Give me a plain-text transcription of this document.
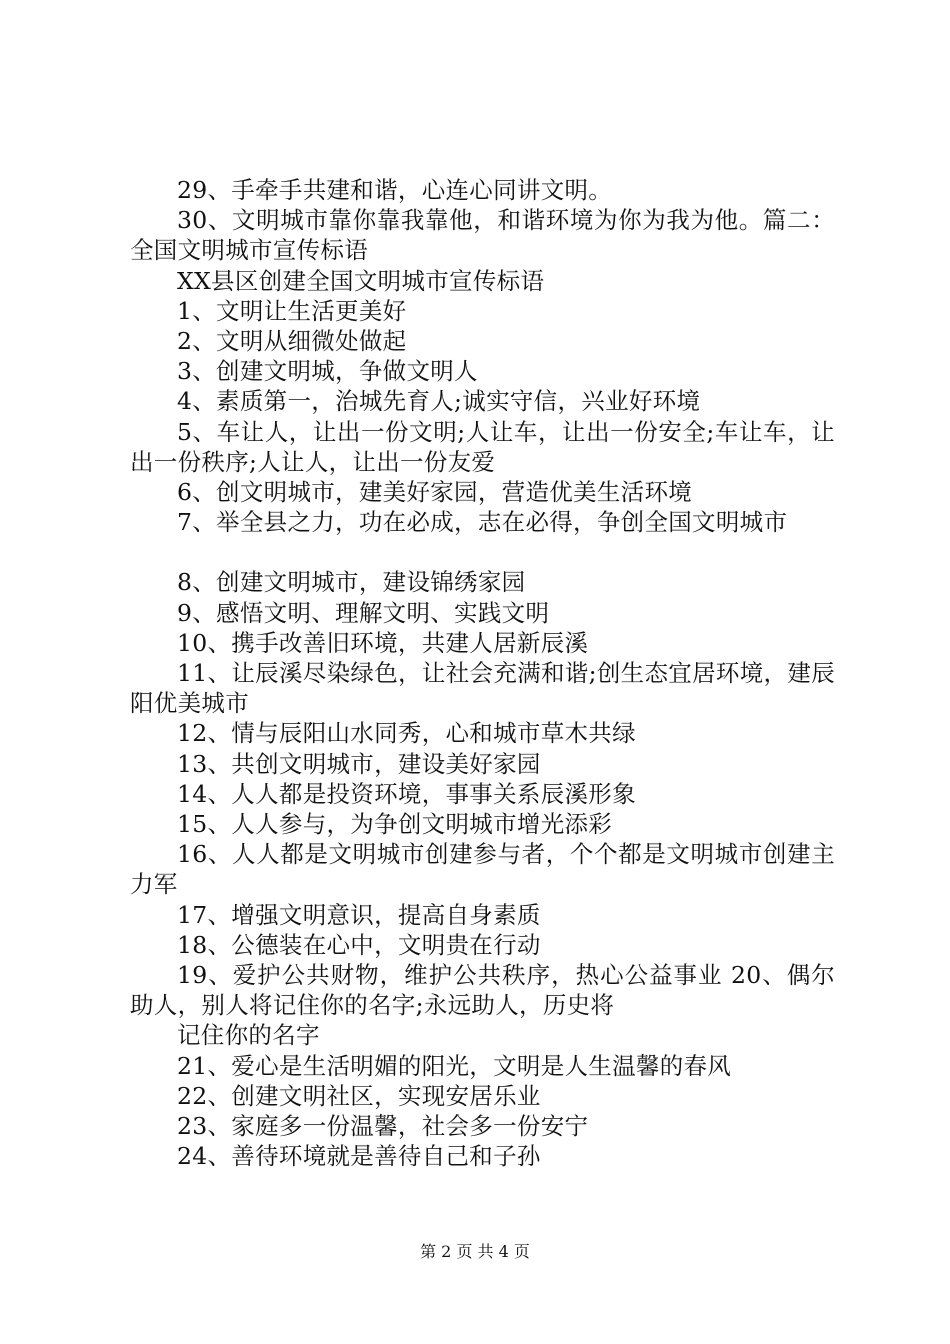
29、手牵手共建和谐，心连心同讲文明。

30、文明城市靠你靠我靠他，和谐环境为你为我为他。篇二：全国文明城市宣传标语

XX县区创建全国文明城市宣传标语

1、文明让生活更美好

2、文明从细微处做起

3、创建文明城，争做文明人

4、素质第一，治城先育人;诚实守信，兴业好环境

5、车让人，让出一份文明;人让车，让出一份安全;车让车，让出一份秩序;人让人，让出一份友爱

6、创文明城市，建美好家园，营造优美生活环境

7、举全县之力，功在必成，志在必得，争创全国文明城市

8、创建文明城市，建设锦绣家园

9、感悟文明、理解文明、实践文明

10、携手改善旧环境，共建人居新辰溪

11、让辰溪尽染绿色，让社会充满和谐;创生态宜居环境，建辰阳优美城市

12、情与辰阳山水同秀，心和城市草木共绿

13、共创文明城市，建设美好家园

14、人人都是投资环境，事事关系辰溪形象

15、人人参与，为争创文明城市增光添彩

16、人人都是文明城市创建参与者，个个都是文明城市创建主力军

17、增强文明意识，提高自身素质

18、公德装在心中，文明贵在行动

19、爱护公共财物，维护公共秩序，热心公益事业 20、偶尔助人，别人将记住你的名字;永远助人，历史将

记住你的名字

21、爱心是生活明媚的阳光，文明是人生温馨的春风

22、创建文明社区，实现安居乐业

23、家庭多一份温馨，社会多一份安宁

24、善待环境就是善待自己和子孙

第 2 页 共 4 页
